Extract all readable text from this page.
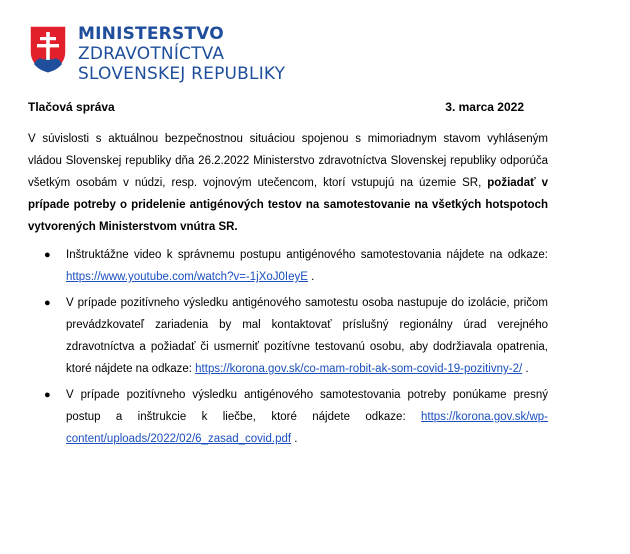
MINISTERSTVO
ZDRAVOTNÍCTVA
SLOVENSKEJ REPUBLIKY
Tlačová správa	3. marca 2022
V súvislosti s aktuálnou bezpečnostnou situáciou spojenou s mimoriadnym stavom vyhláseným vládou Slovenskej republiky dňa 26.2.2022 Ministerstvo zdravotníctva Slovenskej republiky odporúča všetkým osobám v núdzi, resp. vojnovým utečencom, ktorí vstupujú na územie SR, požiadať v prípade potreby o pridelenie antigénových testov na samotestovanie na všetkých hotspotoch vytvorených Ministerstvom vnútra SR.
● Inštruktážne video k správnemu postupu antigénového samotestovania nájdete na odkaze: https://www.youtube.com/watch?v=-1jXoJ0IeyE .
● V prípade pozitívneho výsledku antigénového samotestu osoba nastupuje do izolácie, pričom prevádzkovateľ zariadenia by mal kontaktovať príslušný regionálny úrad verejného zdravotníctva a požiadať či usmerniť pozitívne testovanú osobu, aby dodržiavala opatrenia, ktoré nájdete na odkaze: https://korona.gov.sk/co-mam-robit-ak-som-covid-19-pozitivny-2/ .
● V prípade pozitívneho výsledku antigénového samotestovania potreby ponúkame presný postup a inštrukcie k liečbe, ktoré nájdete odkaze: https://korona.gov.sk/wp-content/uploads/2022/02/6_zasad_covid.pdf .
